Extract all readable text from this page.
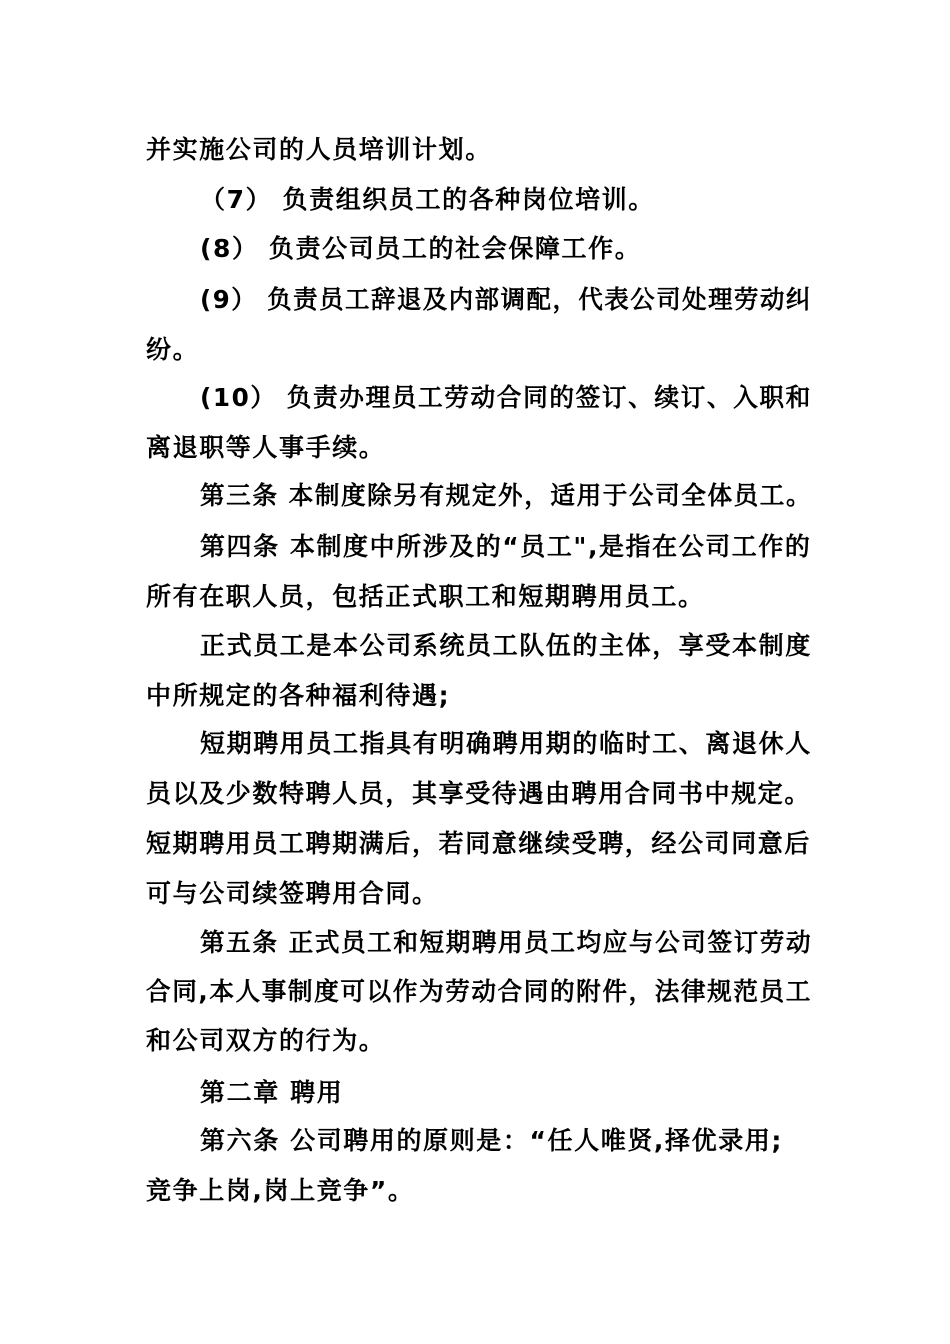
并实施公司的人员培训计划。
（7） 负责组织员工的各种岗位培训。
(8） 负责公司员工的社会保障工作。
(9） 负责员工辞退及内部调配，代表公司处理劳动纠
纷。
(10） 负责办理员工劳动合同的签订、续订、入职和
离退职等人事手续。
第三条 本制度除另有规定外，适用于公司全体员工。
第四条 本制度中所涉及的“员工",是指在公司工作的
所有在职人员，包括正式职工和短期聘用员工。
正式员工是本公司系统员工队伍的主体，享受本制度
中所规定的各种福利待遇;
短期聘用员工指具有明确聘用期的临时工、离退休人
员以及少数特聘人员，其享受待遇由聘用合同书中规定。
短期聘用员工聘期满后，若同意继续受聘，经公司同意后
可与公司续签聘用合同。
第五条 正式员工和短期聘用员工均应与公司签订劳动
合同,本人事制度可以作为劳动合同的附件，法律规范员工
和公司双方的行为。
第二章 聘用
第六条 公司聘用的原则是：“任人唯贤,择优录用;
竞争上岗,岗上竞争”。
